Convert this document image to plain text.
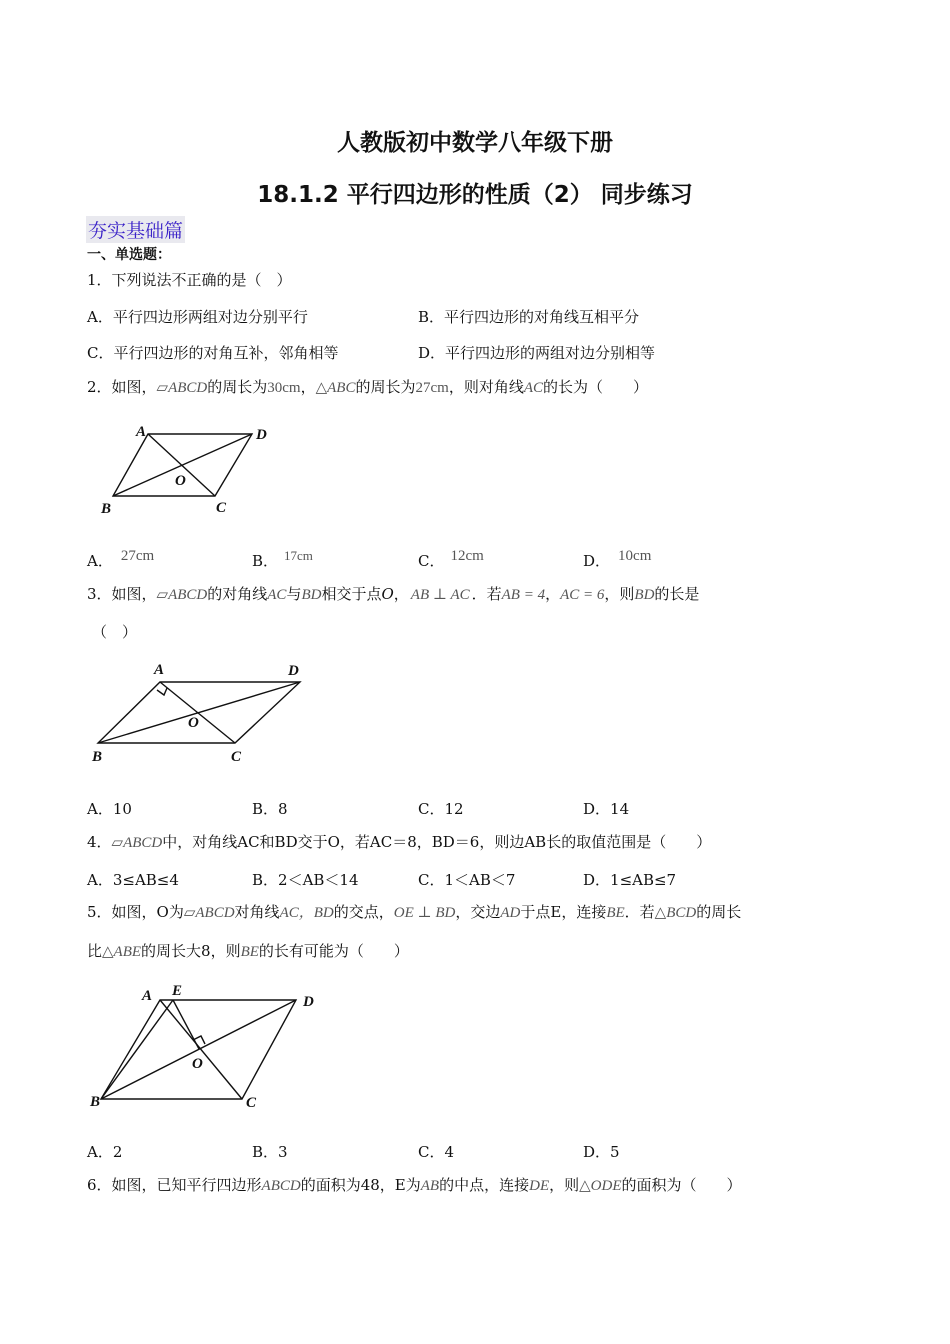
人教版初中数学八年级下册
18.1.2 平行四边形的性质（2） 同步练习
夯实基础篇
一、单选题：
1．下列说法不正确的是（　）
A．平行四边形两组对边分别平行	B．平行四边形的对角线互相平分
C．平行四边形的对角互补，邻角相等	D．平行四边形的两组对边分别相等
2．如图，▱ABCD的周长为30cm，△ABC的周长为27cm，则对角线AC的长为（　　）
A	D
B	C
O
A． 27cm	B． 17cm	C． 12cm	D． 10cm
3．如图，▱ABCD的对角线AC与BD相交于点O， AB ⊥ AC ．若AB = 4，AC = 6，则BD的长是
（　）
A	D
B	C
O
A．10	B．8	C．12	D．14
4．▱ABCD中，对角线AC和BD交于O，若AC＝8，BD＝6，则边AB长的取值范围是（　　）
A．3≤AB≤4	B．2＜AB＜14	C．1＜AB＜7	D．1≤AB≤7
5．如图，O为▱ABCD对角线AC，BD的交点，OE ⊥ BD，交边AD于点E，连接BE．若△BCD的周长
比△ABE的周长大8，则BE的长有可能为（　　）
A E
D
B	C
O
A．2	B．3	C．4	D．5
6．如图，已知平行四边形ABCD的面积为48，E为AB的中点，连接DE，则△ODE的面积为（　　）
